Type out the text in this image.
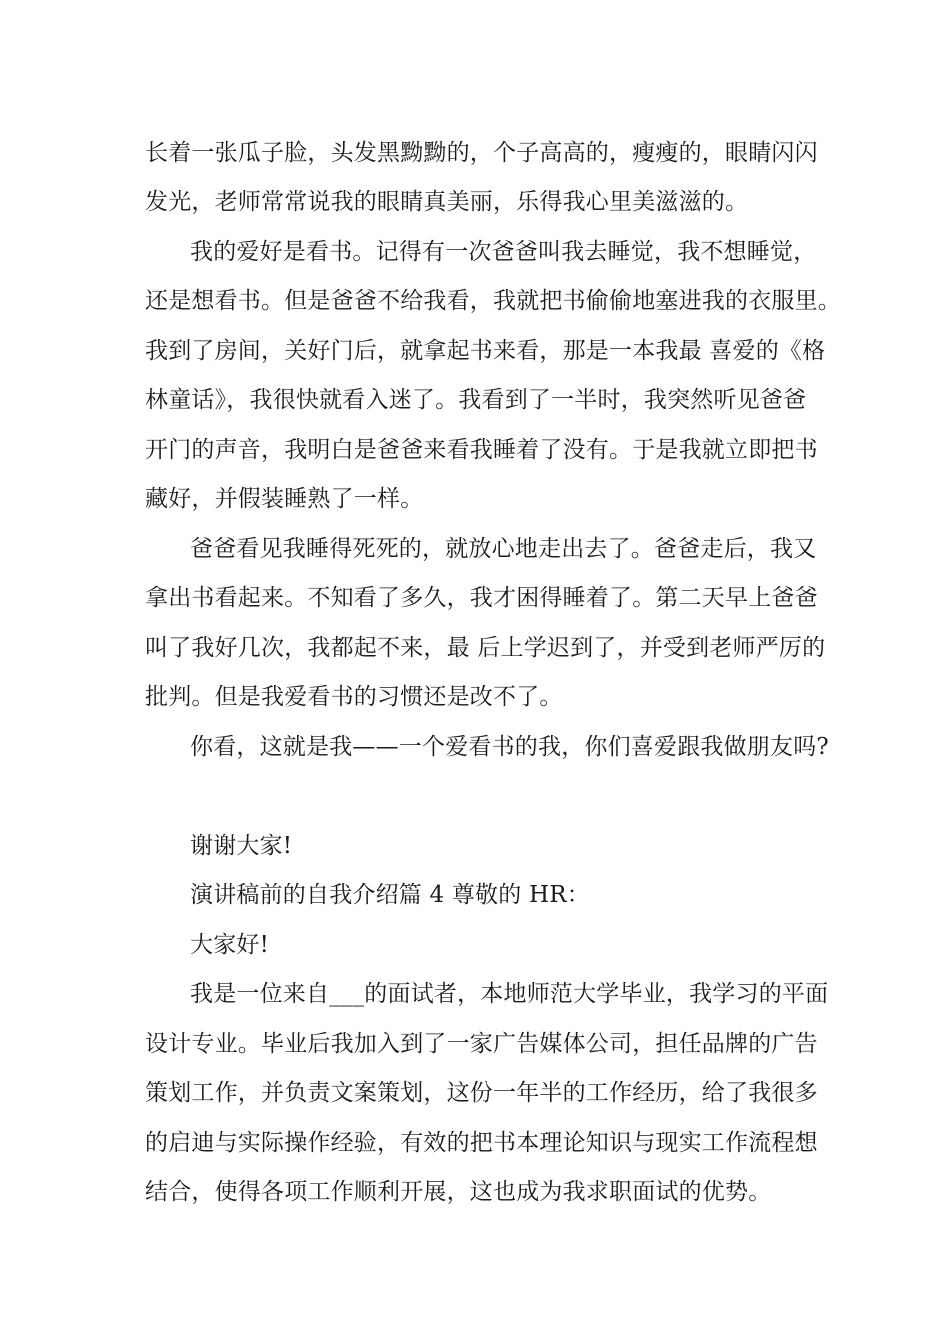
长着一张瓜子脸，头发黑黝黝的，个子高高的，瘦瘦的，眼睛闪闪
发光，老师常常说我的眼睛真美丽，乐得我心里美滋滋的。
我的爱好是看书。记得有一次爸爸叫我去睡觉，我不想睡觉，
还是想看书。但是爸爸不给我看，我就把书偷偷地塞进我的衣服里。
我到了房间，关好门后，就拿起书来看，那是一本我最 喜爱的《格
林童话》，我很快就看入迷了。我看到了一半时，我突然听见爸爸
开门的声音，我明白是爸爸来看我睡着了没有。于是我就立即把书
藏好，并假装睡熟了一样。
爸爸看见我睡得死死的，就放心地走出去了。爸爸走后，我又
拿出书看起来。不知看了多久，我才困得睡着了。第二天早上爸爸
叫了我好几次，我都起不来，最 后上学迟到了，并受到老师严厉的
批判。但是我爱看书的习惯还是改不了。
你看，这就是我——一个爱看书的我，你们喜爱跟我做朋友吗?
谢谢大家!
演讲稿前的自我介绍篇 4 尊敬的 HR：
大家好!
我是一位来自___的面试者，本地师范大学毕业，我学习的平面
设计专业。毕业后我加入到了一家广告媒体公司，担任品牌的广告
策划工作，并负责文案策划，这份一年半的工作经历，给了我很多
的启迪与实际操作经验，有效的把书本理论知识与现实工作流程想
结合，使得各项工作顺利开展，这也成为我求职面试的优势。
